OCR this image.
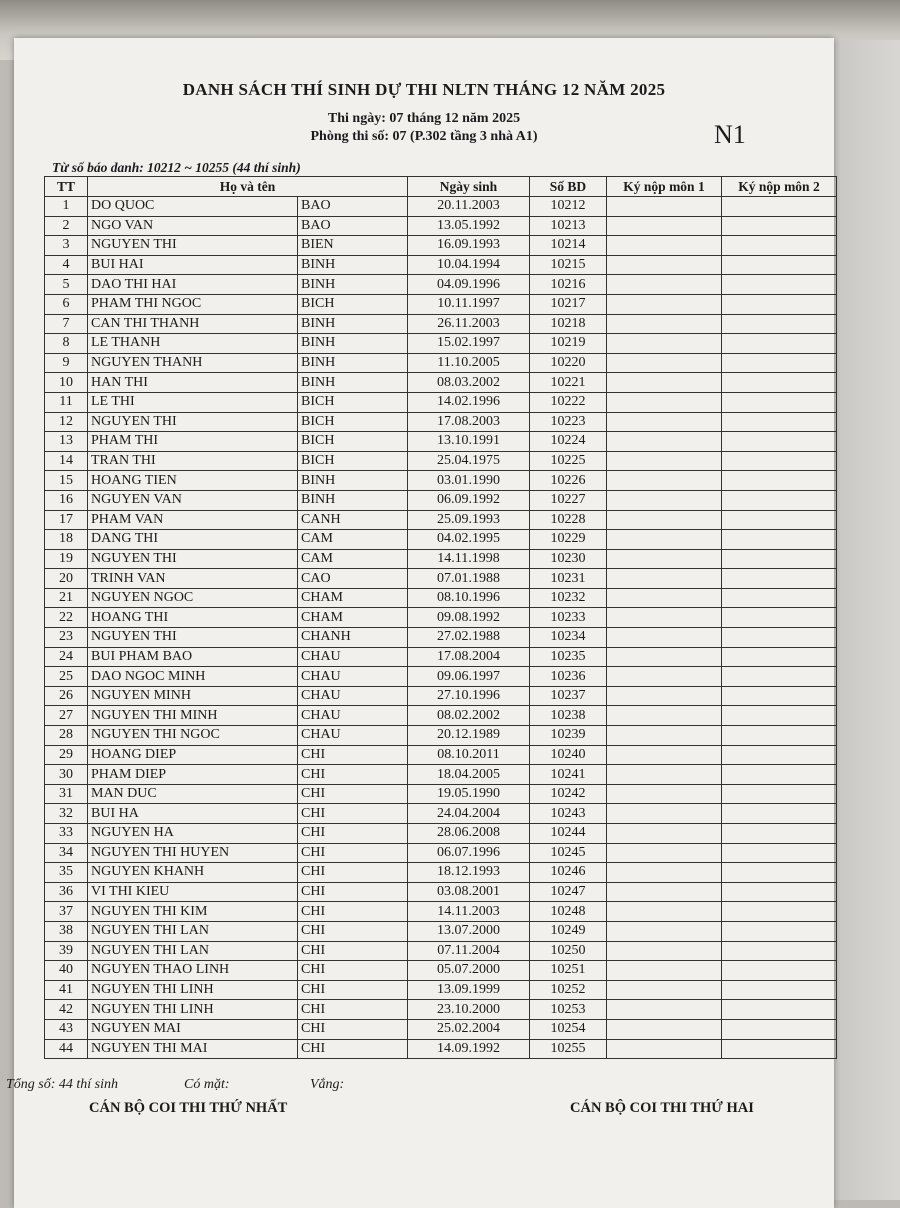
DANH SÁCH THÍ SINH DỰ THI NLTN THÁNG 12 NĂM 2025
Thi ngày: 07 tháng 12 năm 2025
Phòng thi số: 07 (P.302 tầng 3 nhà A1)	N1
Từ số báo danh: 10212 ~ 10255 (44 thí sinh)
TT	Họ và tên		Ngày sinh	Số BD	Ký nộp môn 1	Ký nộp môn 2
1	DO QUOC	BAO	20.11.2003	10212		
2	NGO VAN	BAO	13.05.1992	10213		
3	NGUYEN THI	BIEN	16.09.1993	10214		
4	BUI HAI	BINH	10.04.1994	10215		
5	DAO THI HAI	BINH	04.09.1996	10216		
6	PHAM THI NGOC	BICH	10.11.1997	10217		
7	CAN THI THANH	BINH	26.11.2003	10218		
8	LE THANH	BINH	15.02.1997	10219		
9	NGUYEN THANH	BINH	11.10.2005	10220		
10	HAN THI	BINH	08.03.2002	10221		
11	LE THI	BICH	14.02.1996	10222		
12	NGUYEN THI	BICH	17.08.2003	10223		
13	PHAM THI	BICH	13.10.1991	10224		
14	TRAN THI	BICH	25.04.1975	10225		
15	HOANG TIEN	BINH	03.01.1990	10226		
16	NGUYEN VAN	BINH	06.09.1992	10227		
17	PHAM VAN	CANH	25.09.1993	10228		
18	DANG THI	CAM	04.02.1995	10229		
19	NGUYEN THI	CAM	14.11.1998	10230		
20	TRINH VAN	CAO	07.01.1988	10231		
21	NGUYEN NGOC	CHAM	08.10.1996	10232		
22	HOANG THI	CHAM	09.08.1992	10233		
23	NGUYEN THI	CHANH	27.02.1988	10234		
24	BUI PHAM BAO	CHAU	17.08.2004	10235		
25	DAO NGOC MINH	CHAU	09.06.1997	10236		
26	NGUYEN MINH	CHAU	27.10.1996	10237		
27	NGUYEN THI MINH	CHAU	08.02.2002	10238		
28	NGUYEN THI NGOC	CHAU	20.12.1989	10239		
29	HOANG DIEP	CHI	08.10.2011	10240		
30	PHAM DIEP	CHI	18.04.2005	10241		
31	MAN DUC	CHI	19.05.1990	10242		
32	BUI HA	CHI	24.04.2004	10243		
33	NGUYEN HA	CHI	28.06.2008	10244		
34	NGUYEN THI HUYEN	CHI	06.07.1996	10245		
35	NGUYEN KHANH	CHI	18.12.1993	10246		
36	VI THI KIEU	CHI	03.08.2001	10247		
37	NGUYEN THI KIM	CHI	14.11.2003	10248		
38	NGUYEN THI LAN	CHI	13.07.2000	10249		
39	NGUYEN THI LAN	CHI	07.11.2004	10250		
40	NGUYEN THAO LINH	CHI	05.07.2000	10251		
41	NGUYEN THI LINH	CHI	13.09.1999	10252		
42	NGUYEN THI LINH	CHI	23.10.2000	10253		
43	NGUYEN MAI	CHI	25.02.2004	10254		
44	NGUYEN THI MAI	CHI	14.09.1992	10255		
Tổng số: 44 thí sinh	Có mặt:	Vắng:
CÁN BỘ COI THI THỨ NHẤT	CÁN BỘ COI THI THỨ HAI
